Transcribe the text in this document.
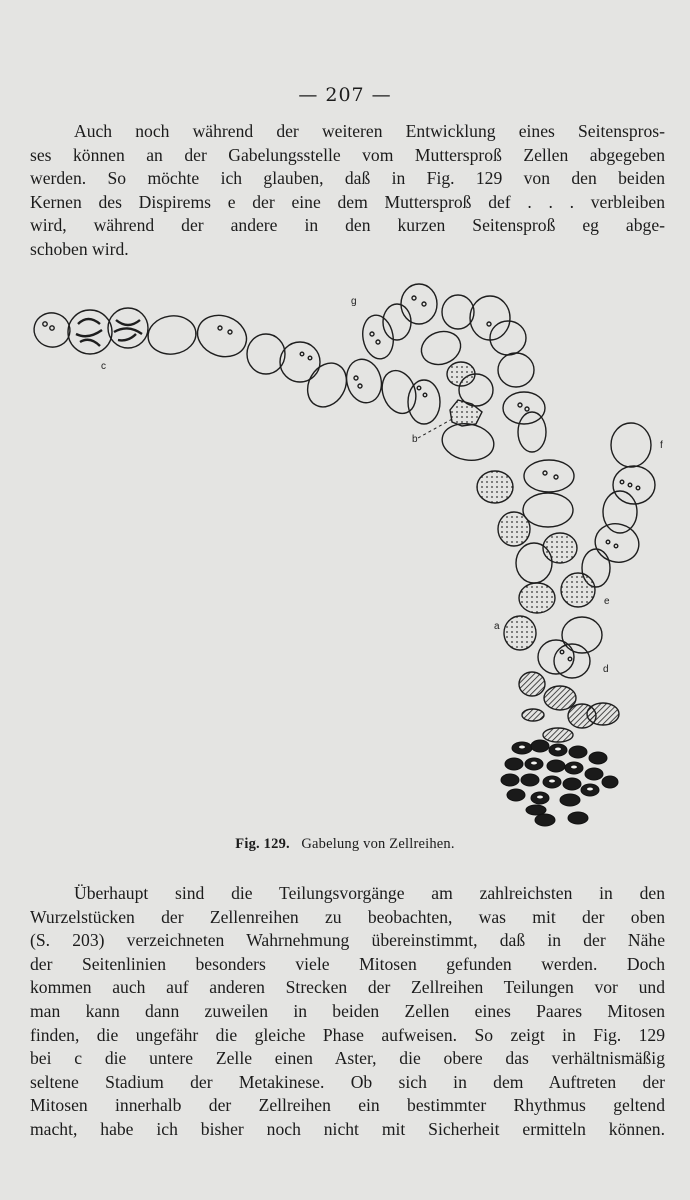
— 207 —

Auch noch während der weiteren Entwicklung eines Seitenspros-
ses können an der Gabelungsstelle vom Muttersproß Zellen abgegeben
werden. So möchte ich glauben, daß in Fig. 129 von den beiden
Kernen des Dispirems e der eine dem Muttersproß def . . . verbleiben
wird, während der andere in den kurzen Seitensproß eg abge-
schoben wird.

c
g
b
f
e
a
d
Fig. 129. Gabelung von Zellreihen.

Überhaupt sind die Teilungsvorgänge am zahlreichsten in den
Wurzelstücken der Zellenreihen zu beobachten, was mit der oben
(S. 203) verzeichneten Wahrnehmung übereinstimmt, daß in der Nähe
der Seitenlinien besonders viele Mitosen gefunden werden. Doch
kommen auch auf anderen Strecken der Zellreihen Teilungen vor und
man kann dann zuweilen in beiden Zellen eines Paares Mitosen
finden, die ungefähr die gleiche Phase aufweisen. So zeigt in Fig. 129
bei c die untere Zelle einen Aster, die obere das verhältnismäßig
seltene Stadium der Metakinese. Ob sich in dem Auftreten der
Mitosen innerhalb der Zellreihen ein bestimmter Rhythmus geltend
macht, habe ich bisher noch nicht mit Sicherheit ermitteln können.
